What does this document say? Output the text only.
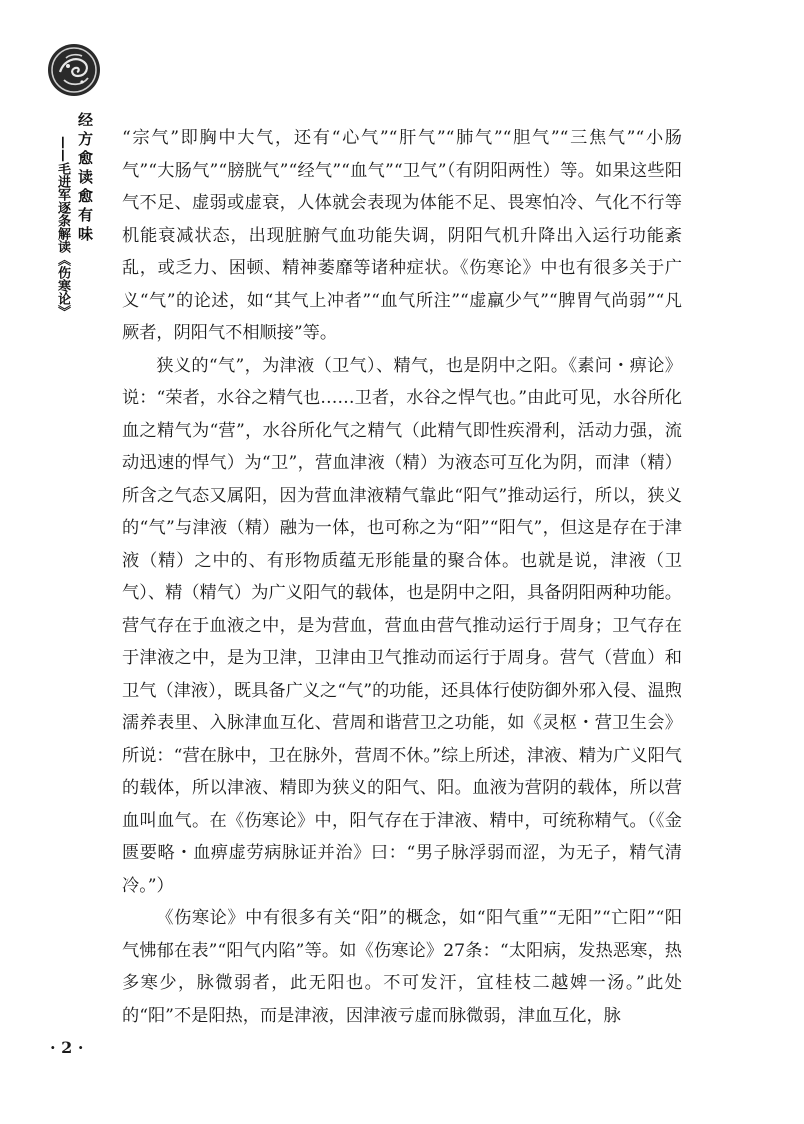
经方愈读愈有味
——毛进军逐条解读《伤寒论》	“宗气”即胸中大气，还有“心气”“肝气”“肺气”“胆气”“三焦气”“小肠气”“大肠气”“膀胱气”“经气”“血气”“卫气”（有阴阳两性）等。如果这些阳气不足、虚弱或虚衰，人体就会表现为体能不足、畏寒怕冷、气化不行等机能衰减状态，出现脏腑气血功能失调，阴阳气机升降出入运行功能紊乱，或乏力、困顿、精神萎靡等诸种症状。《伤寒论》中也有很多关于广义“气”的论述，如“其气上冲者”“血气所注”“虚羸少气”“脾胃气尚弱”“凡厥者，阴阳气不相顺接”等。

狭义的“气”，为津液（卫气）、精气，也是阴中之阳。《素问・痹论》说：“荣者，水谷之精气也……卫者，水谷之悍气也。”由此可见，水谷所化血之精气为“营”，水谷所化气之精气（此精气即性疾滑利，活动力强，流动迅速的悍气）为“卫”，营血津液（精）为液态可互化为阴，而津（精）所含之气态又属阳，因为营血津液精气靠此“阳气”推动运行，所以，狭义的“气”与津液（精）融为一体，也可称之为“阳”“阳气”，但这是存在于津液（精）之中的、有形物质蕴无形能量的聚合体。也就是说，津液（卫气）、精（精气）为广义阳气的载体，也是阴中之阳，具备阴阳两种功能。营气存在于血液之中，是为营血，营血由营气推动运行于周身；卫气存在于津液之中，是为卫津，卫津由卫气推动而运行于周身。营气（营血）和卫气（津液），既具备广义之“气”的功能，还具体行使防御外邪入侵、温煦濡养表里、入脉津血互化、营周和谐营卫之功能，如《灵枢・营卫生会》所说：“营在脉中，卫在脉外，营周不休。”综上所述，津液、精为广义阳气的载体，所以津液、精即为狭义的阳气、阳。血液为营阴的载体，所以营血叫血气。在《伤寒论》中，阳气存在于津液、精中，可统称精气。（《金匮要略・血痹虚劳病脉证并治》曰：“男子脉浮弱而涩，为无子，精气清冷。”）

《伤寒论》中有很多有关“阳”的概念，如“阳气重”“无阳”“亡阳”“阳气怫郁在表”“阳气内陷”等。如《伤寒论》27条：“太阳病，发热恶寒，热多寒少，脉微弱者，此无阳也。不可发汗，宜桂枝二越婢一汤。”此处的“阳”不是阳热，而是津液，因津液亏虚而脉微弱，津血互化，脉

· 2 ·
